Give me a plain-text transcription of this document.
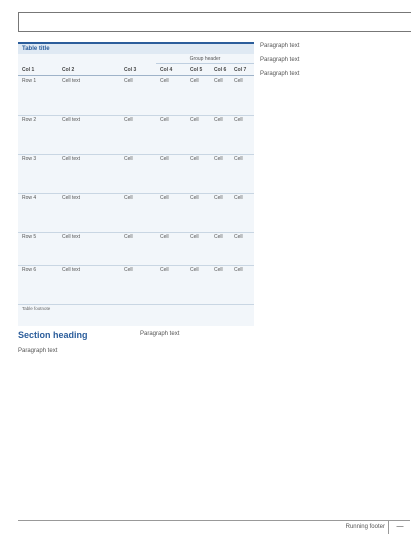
Table title
Group header
Col 1	Col 2	Col 3	Col 4	Col 5 Col 6 Col 7
Row 1	Cell text	Cell	Cell	Cell	Cell	Cell
Row 2	Cell text	Cell	Cell	Cell	Cell	Cell
Row 3	Cell text	Cell	Cell	Cell	Cell	Cell
Row 4	Cell text	Cell	Cell	Cell	Cell	Cell
Row 5	Cell text	Cell	Cell	Cell	Cell	Cell
Row 6	Cell text	Cell	Cell	Cell	Cell	Cell
Table footnote
Section heading

Paragraph text

Paragraph text

Paragraph text

Paragraph text

Paragraph text

Running footer	—
